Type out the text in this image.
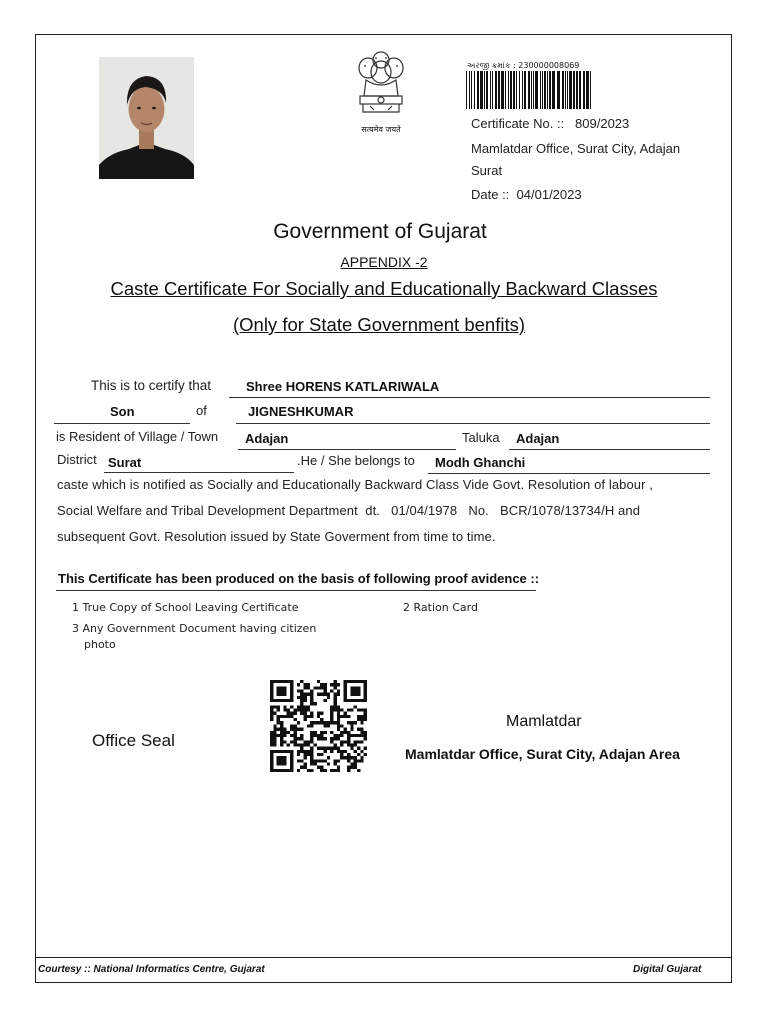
सत्यमेव जयते
અરજી ક્રમાંક : 230000008069
Certificate No. :: 809/2023
Mamlatdar Office, Surat City, Adajan
Surat
Date :: 04/01/2023
Government of Gujarat
APPENDIX -2
Caste Certificate For Socially and Educationally Backward Classes
(Only for State Government benfits)
This is to certify that	Shree HORENS KATLARIWALA
Son	of	JIGNESHKUMAR
is Resident of Village / Town Adajan	Taluka Adajan
District Surat	.He / She belongs to Modh Ghanchi
caste which is notified as Socially and Educationally Backward Class Vide Govt. Resolution of labour ,
Social Welfare and Tribal Development Department  dt.   01/04/1978   No.   BCR/1078/13734/H and
subsequent Govt. Resolution issued by State Goverment from time to time.
This Certificate has been produced on the basis of following proof avidence ::
1 True Copy of School Leaving Certificate	2 Ration Card
3 Any Government Document having citizen
photo
Office Seal
Mamlatdar
Mamlatdar Office, Surat City, Adajan Area
Courtesy :: National Informatics Centre, Gujarat	Digital Gujarat
